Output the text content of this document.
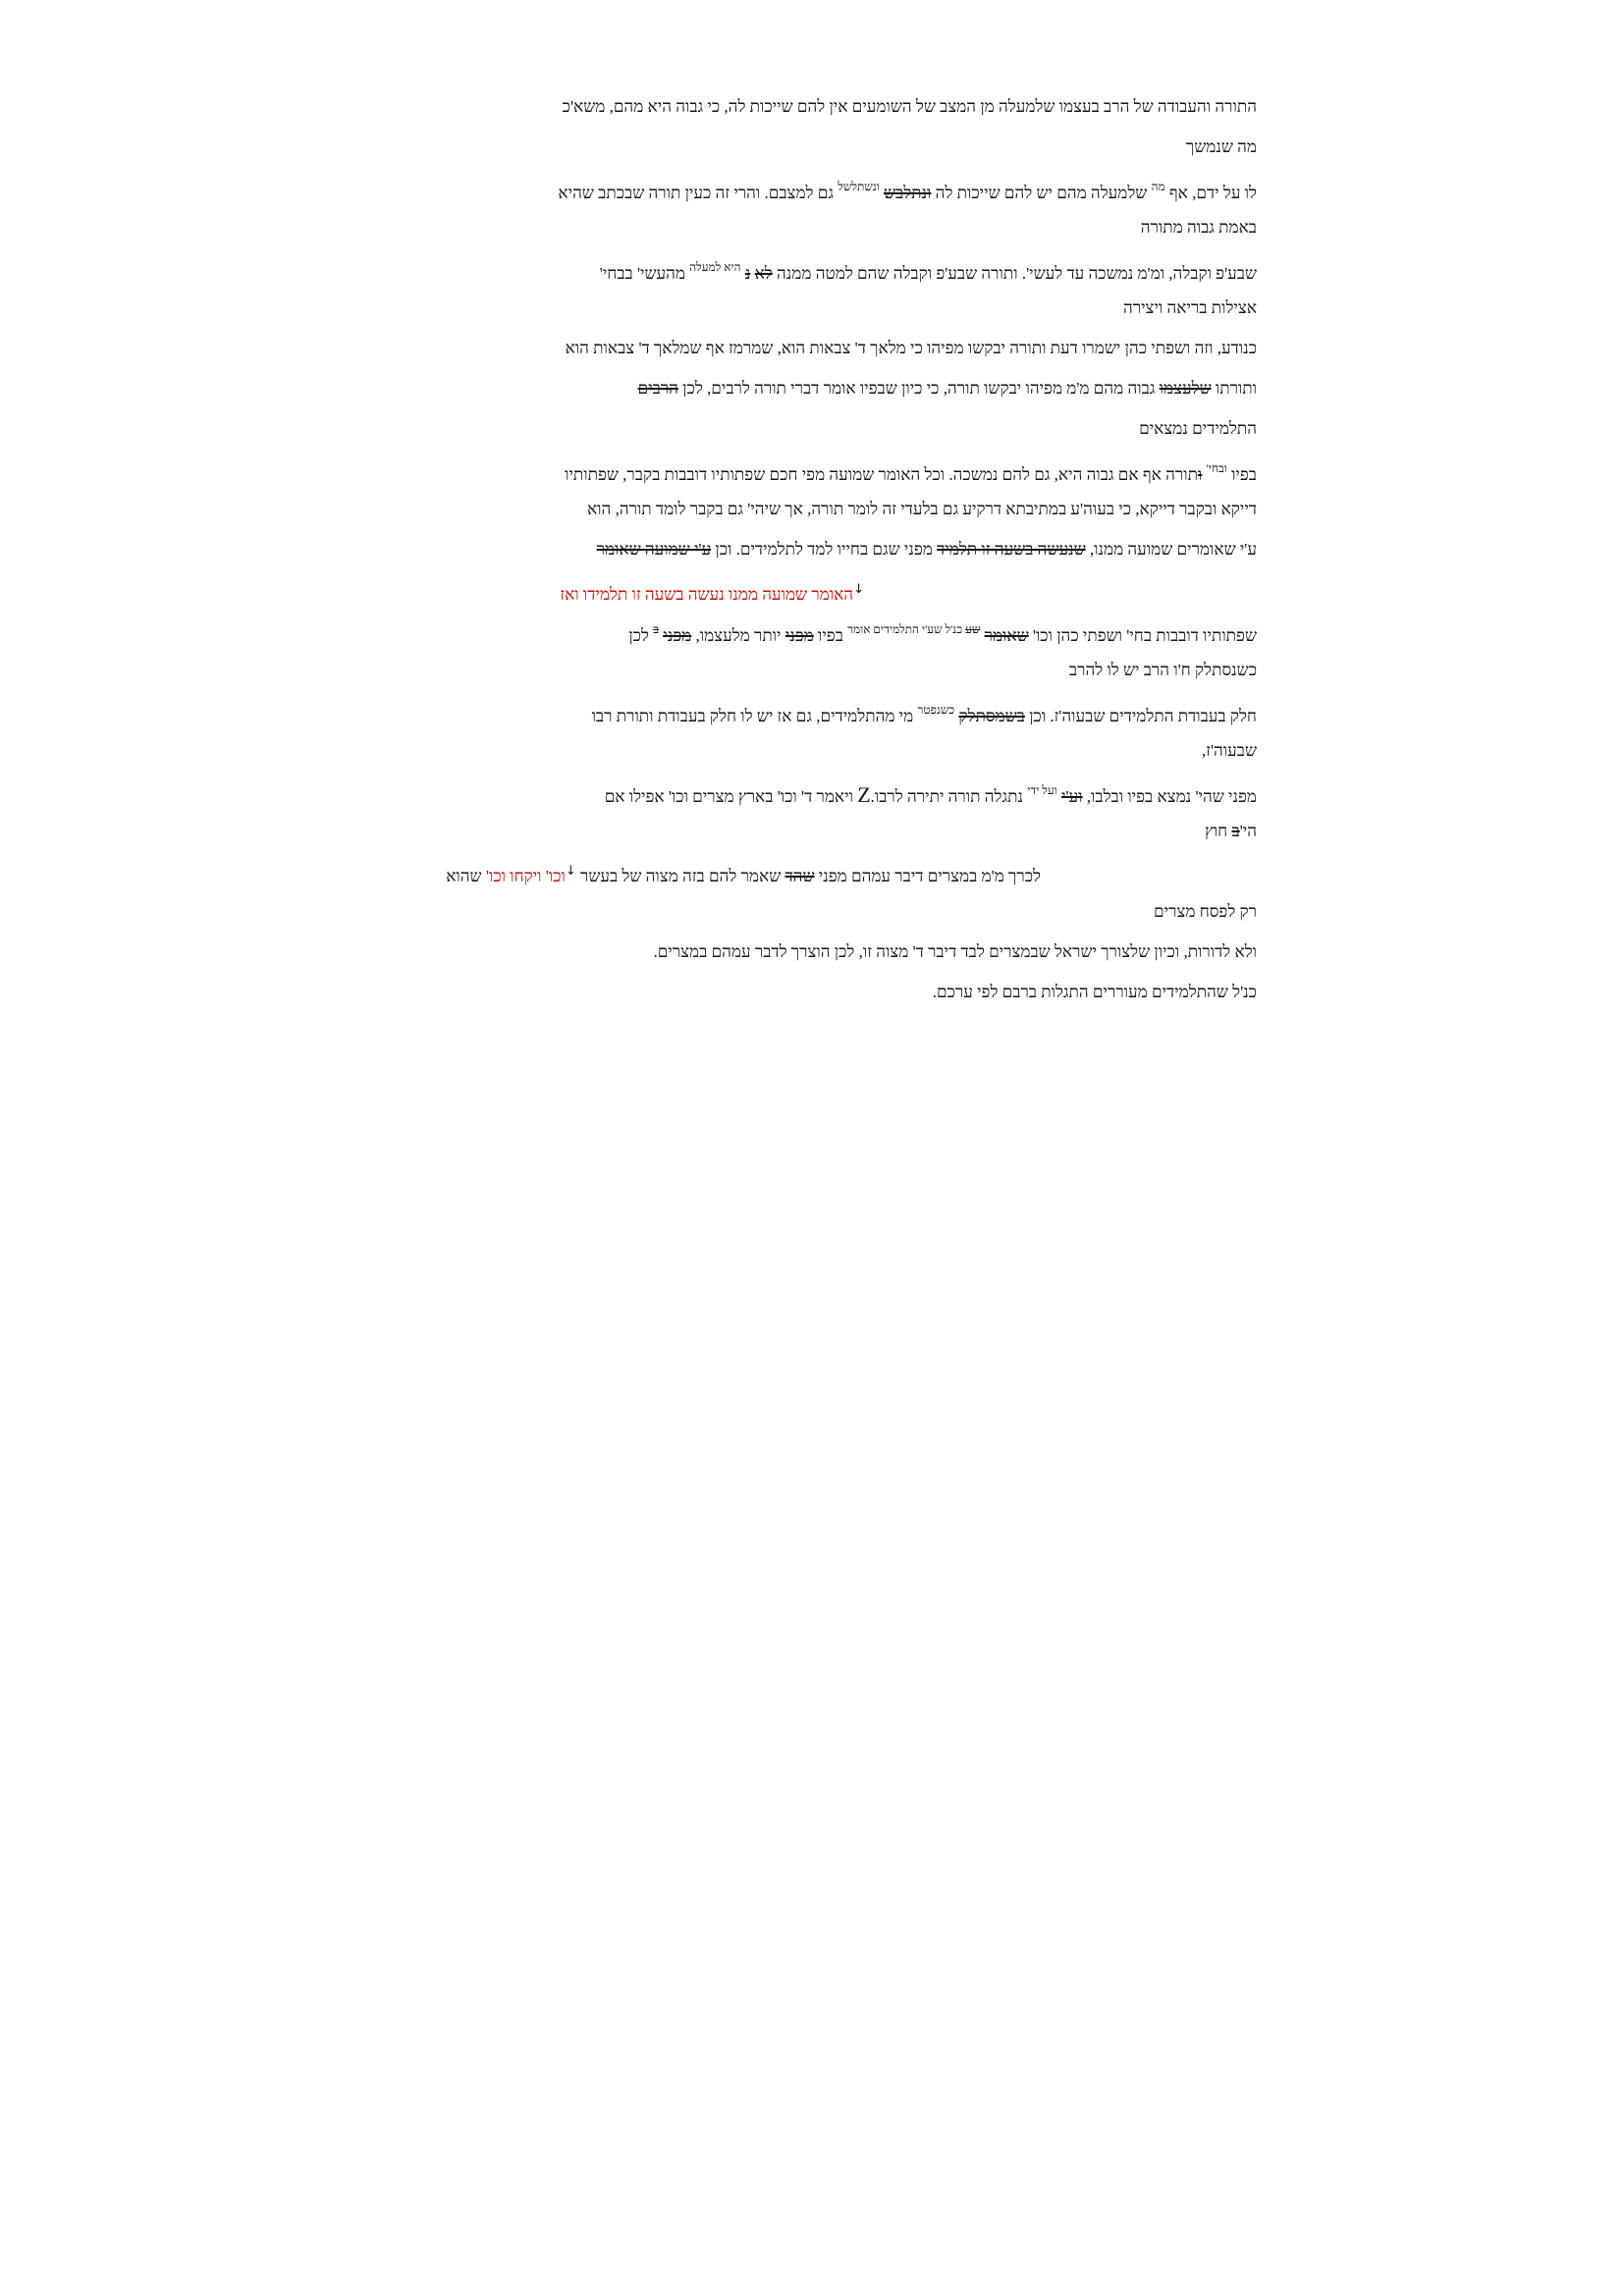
התורה והעבודה של הרב בעצמו שלמעלה מן המצב של השומעים אין להם שייכות לה, כי גבוה היא מהם, משא'כ
מה שנמשך
לו על ידם, אף $^{מה}$ שלמעלה מהם יש להם שייכות לה ונתלבש $^{ונשתלשל}$ גם למצבם. והרי זה כעין תורה שבכתב שהיא
באמת גבוה מתורה
שבע'פ וקבלה, ומ'מ נמשכה עד לעשי'. ותורה שבע'פ וקבלה שהם למטה ממנה לא נ $^{היא למעלה}$ מהעשי' בבחי'
אצילות בריאה ויצירה
כנודע, וזה ושפתי כהן ישמרו דעת ותורה יבקשו מפיהו כי מלאך ד' צבאות הוא, שמרמז אף שמלאך ד' צבאות הוא
ותורתו שלעצמו גבוה מהם מ'מ מפיהו יבקשו תורה, כי כיון שבפיו אומר דברי תורה לרבים, לכן הרבים
התלמידים נמצאים
בפיו $^{ובחי'}$ ותורה אף אם גבוה היא, גם להם נמשכה. וכל האומר שמועה מפי חכם שפתותיו דובבות בקבר, שפתותיו
דייקא ובקבר דייקא, כי בעוה'ע במתיבתא דרקיע גם בלעדי זה לומר תורה, אך שיהי' גם בקבר לומד תורה, הוא
ע'י שאומרים שמועה ממנו, שנעשה בשעה זו תלמיד מפני שגם בחייו למד לתלמידים. וכן ע'י שמועה שאומר
↓האומר שמועה ממנו נעשה בשעה זו תלמידו ואז
שפתותיו דובבות בחי' ושפתי כהן וכו' שאומר $^{שע}$ $^{כנ'ל שע'י התלמידים אומר}$ בפיו מפני יותר מלעצמו, מפני $^ב$ לכן
כשנסתלק ח'ו הרב יש לו להרב
חלק בעבודת התלמידים שבעוה'ז. וכן בשמסתלק $^{כשנפטר}$ מי מהתלמידים, גם אז יש לו חלק בעבודת ותורת רבו
שבעוה'ז,
מפני שהי' נמצא בפיו ובלבו, וע'י $^{ועל ידי}$ נתגלה תורה יתירה לרבו.Z ויאמר ד' וכו' בארץ מצרים וכו' אפילו אם
הי'ב חוץ
לכרך מ'מ במצרים דיבר עמהם מפני שהד שאמר להם בזה מצוה של בעשר ↓וכו' ויקחו וכו' שהוא
רק לפסח מצרים
ולא לדורות, וכיון שלצורך ישראל שבמצרים לבד דיבר ד' מצוה זו, לכן הוצרך לדבר עמהם במצרים.
כנ'ל שהתלמידים מעוררים התגלות ברבם לפי ערכם.
